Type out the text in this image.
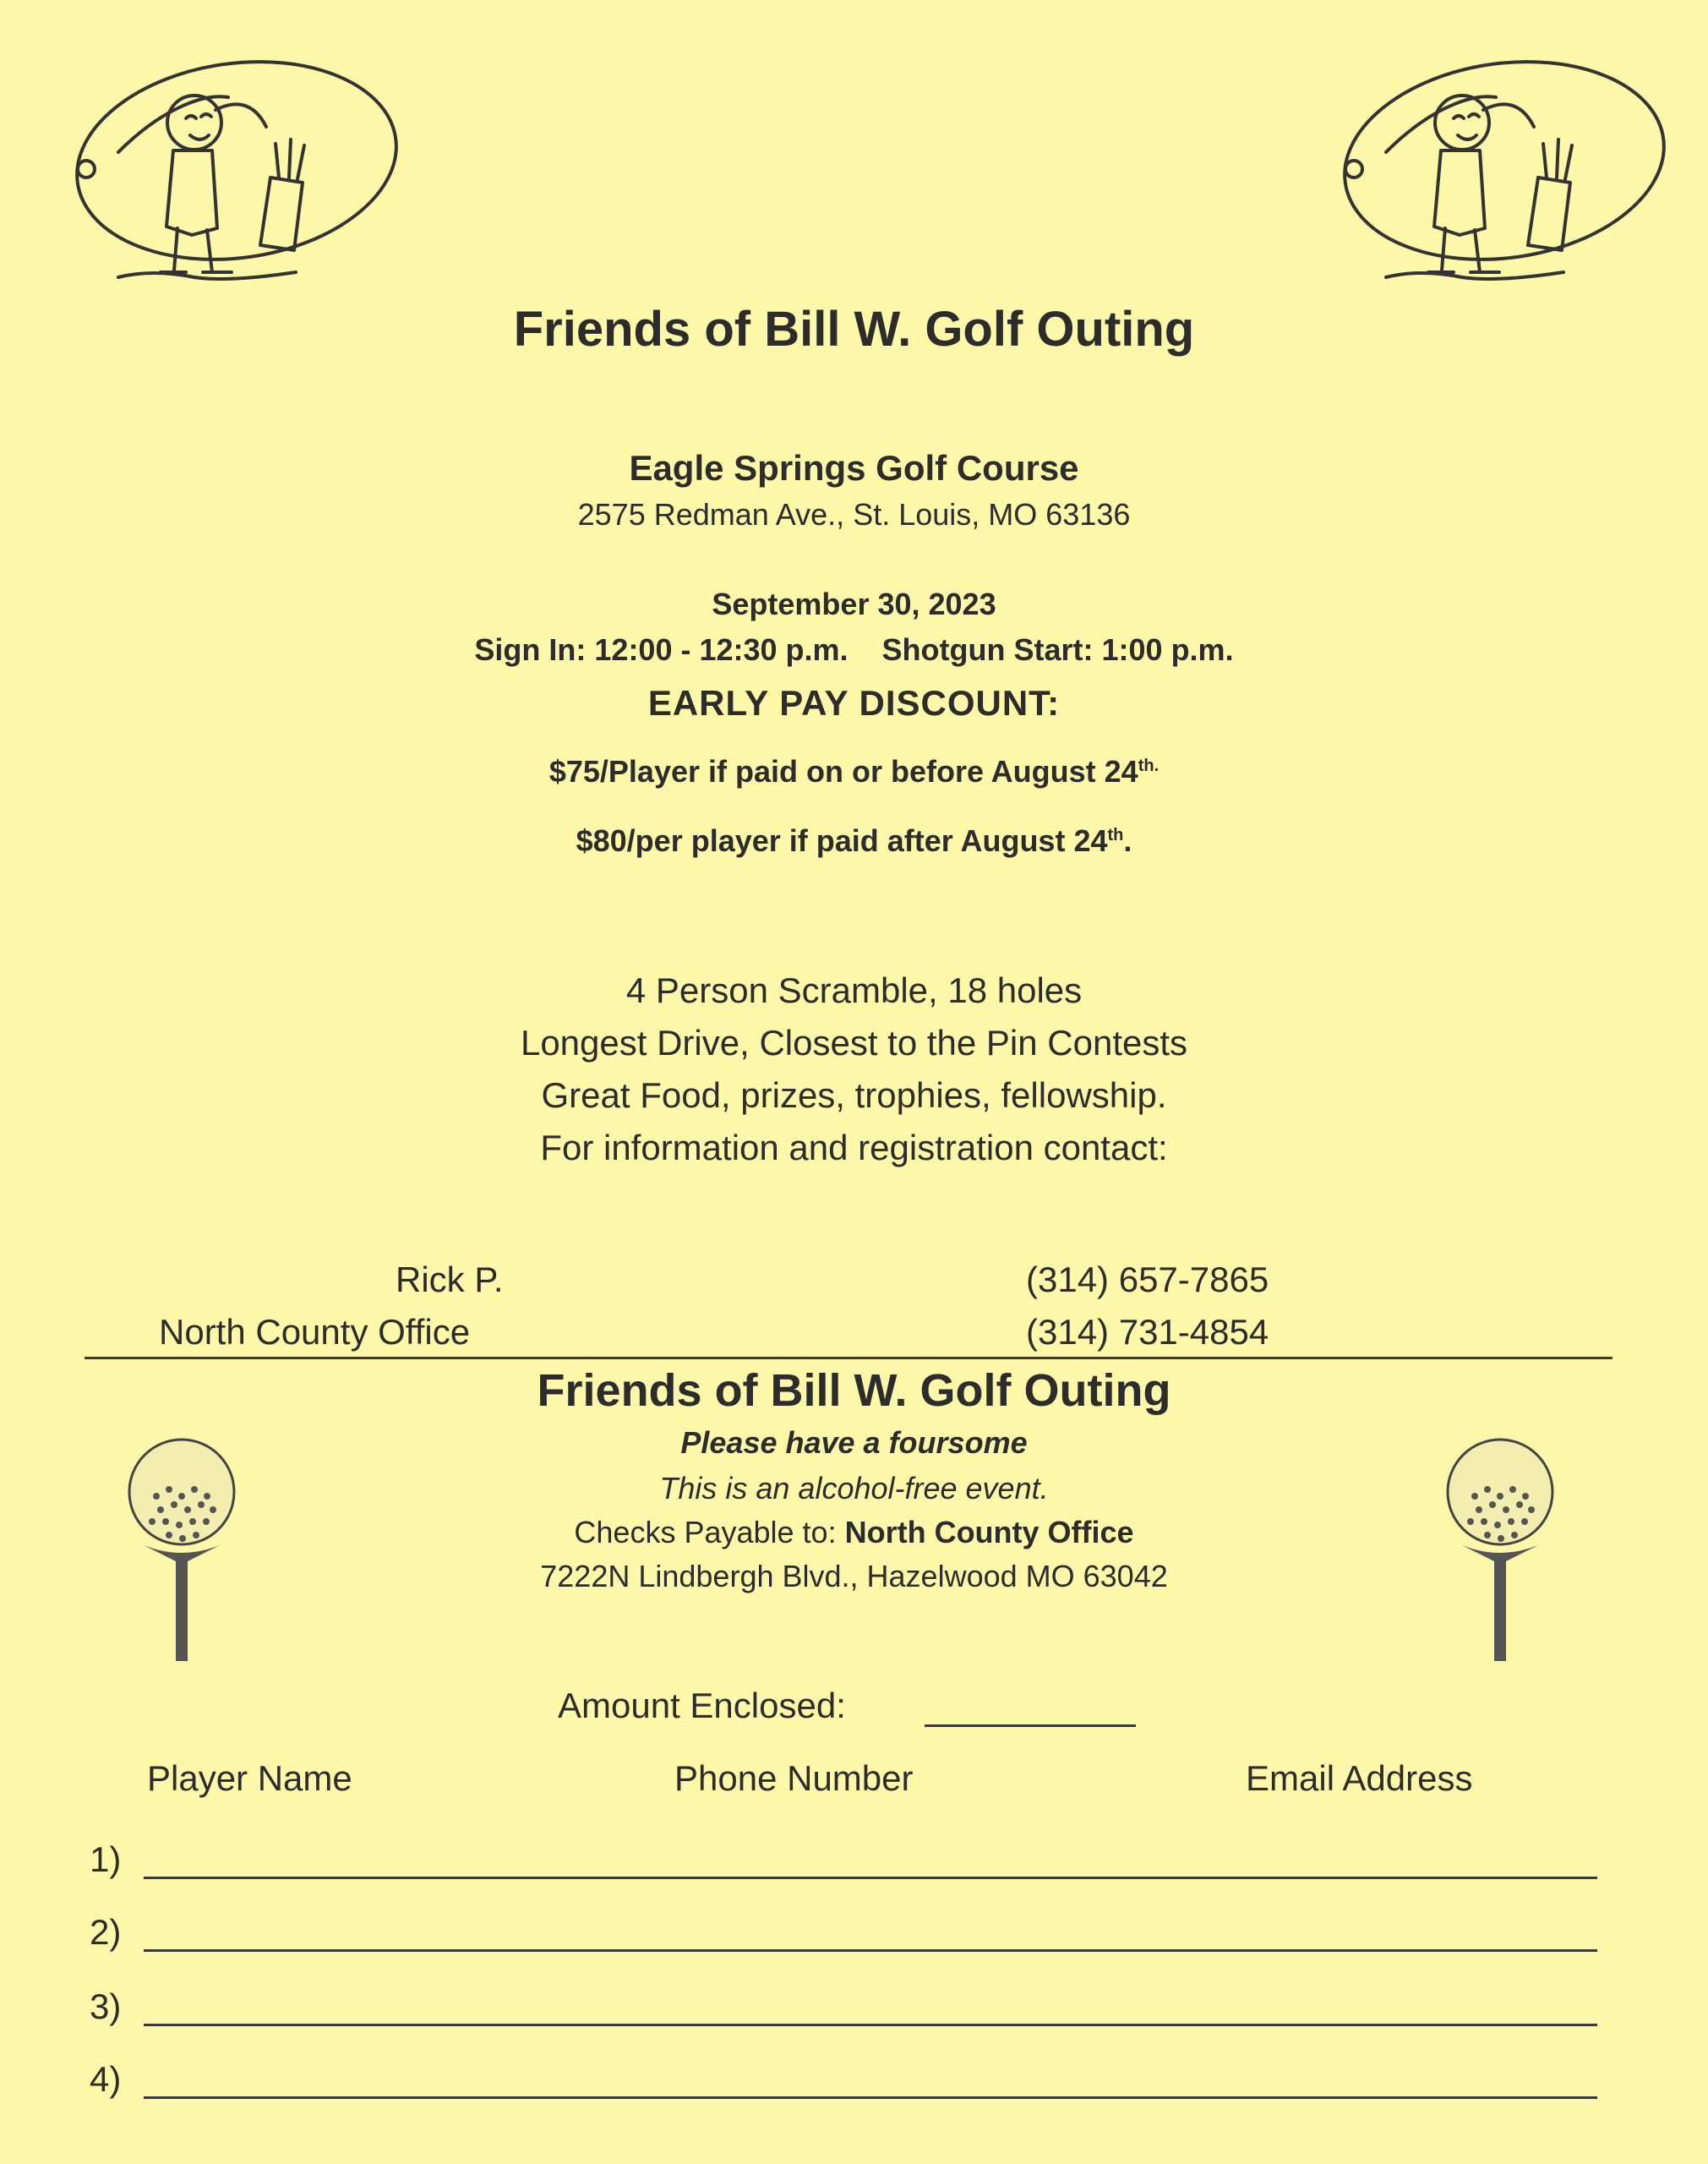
Friends of Bill W. Golf Outing
Eagle Springs Golf Course
2575 Redman Ave., St. Louis, MO 63136
September 30, 2023
Sign In: 12:00 - 12:30 p.m. Shotgun Start: 1:00 p.m.
EARLY PAY DISCOUNT:
$75/Player if paid on or before August $24^{th.}$
$80/per player if paid after August 24th.
4 Person Scramble, 18 holes
Longest Drive, Closest to the Pin Contests
Great Food, prizes, trophies, fellowship.
For information and registration contact:
Rick P.	(314) 657-7865
North County Office	(314) 731-4854
Friends of Bill W. Golf Outing
Please have a foursome
This is an alcohol-free event.
Checks Payable to: North County Office
7222N Lindbergh Blvd., Hazelwood MO 63042
Amount Enclosed:
Player Name	Phone Number	Email Address
1)
2)
3)
4)
